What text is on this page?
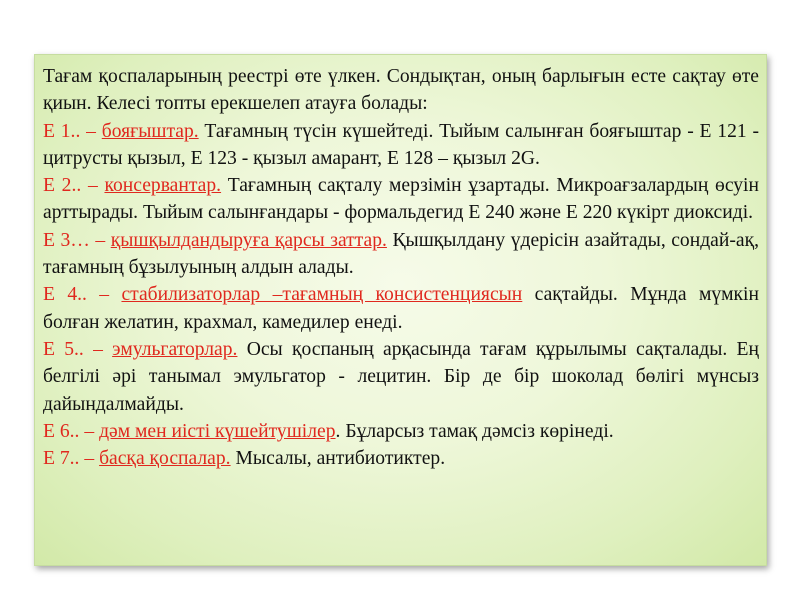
Тағам қоспаларының реестрі өте үлкен. Сондықтан, оның барлығын есте сақтау өте қиын. Келесі топты ерекшелеп атауға болады:

Е 1.. – бояғыштар. Тағамның түсін күшейтеді. Тыйым салынған бояғыштар - Е 121 - цитрусты қызыл, Е 123 - қызыл амарант, Е 128 – қызыл 2G.

Е 2.. – консервантар. Тағамның сақталу мерзімін ұзартады. Микроағзалардың өсуін арттырады. Тыйым салынғандары - формальдегид Е 240 және Е 220 күкірт диоксиді.

Е 3… – қышқылдандыруға қарсы заттар. Қышқылдану үдерісін азайтады, сондай-ақ, тағамның бұзылуының алдын алады.

Е 4.. – стабилизаторлар –тағамның консистенциясын сақтайды. Мұнда мүмкін болған желатин, крахмал, камедилер енеді.

Е 5.. – эмульгаторлар. Осы қоспаның арқасында тағам құрылымы сақталады. Ең белгілі әрі танымал эмульгатор - лецитин. Бір де бір шоколад бөлігі мүнсыз дайындалмайды.

Е 6.. – дәм мен иісті күшейтушілер. Бұларсыз тамақ дәмсіз көрінеді.

Е 7.. – басқа қоспалар. Мысалы, антибиотиктер.
